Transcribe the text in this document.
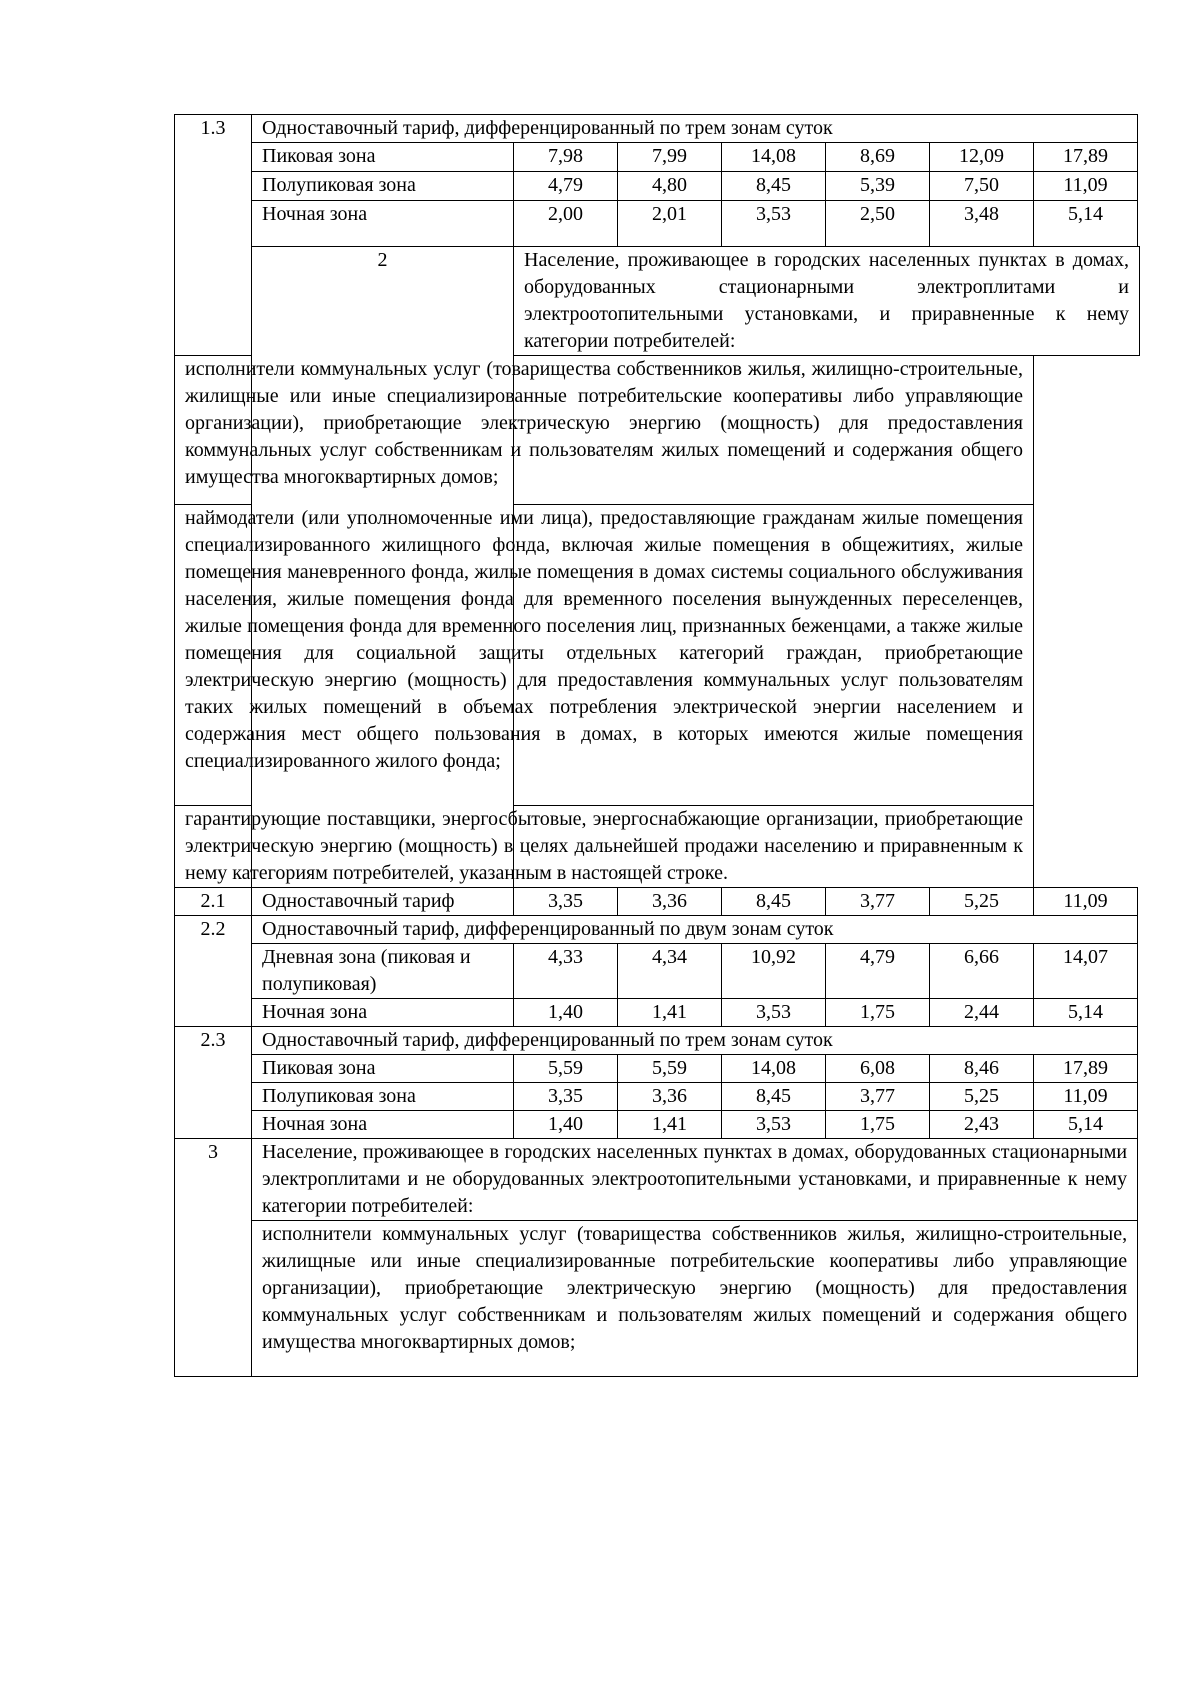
1.3	Одноставочный тариф, дифференцированный по трем зонам суток						
	Пиковая зона	7,98	7,99	14,08	8,69	12,09	17,89
	Полупиковая зона	4,79	4,80	8,45	5,39	7,50	11,09
	Ночная зона	2,00	2,01	3,53	2,50	3,48	5,14
	2	Население, проживающее в городских населенных пунктах в домах, оборудованных стационарными электроплитами и электроотопительными установками, и приравненные к нему категории потребителей:					
исполнители коммунальных услуг (товарищества собственников жилья, жилищно-строительные, жилищные или иные специализированные потребительские кооперативы либо управляющие организации), приобретающие электрическую энергию (мощность) для предоставления коммунальных услуг собственникам и пользователям жилых помещений и содержания общего имущества многоквартирных домов;							
наймодатели (или уполномоченные ими лица), предоставляющие гражданам жилые помещения специализированного жилищного фонда, включая жилые помещения в общежитиях, жилые помещения маневренного фонда, жилые помещения в домах системы социального обслуживания населения, жилые помещения фонда для временного поселения вынужденных переселенцев, жилые помещения фонда для временного поселения лиц, признанных беженцами, а также жилые помещения для социальной защиты отдельных категорий граждан, приобретающие электрическую энергию (мощность) для предоставления коммунальных услуг пользователям таких жилых помещений в объемах потребления электрической энергии населением и содержания мест общего пользования в домах, в которых имеются жилые помещения специализированного жилого фонда;							
гарантирующие поставщики, энергосбытовые, энергоснабжающие организации, приобретающие электрическую энергию (мощность) в целях дальнейшей продажи населению и приравненным к нему категориям потребителей, указанным в настоящей строке.							
2.1	Одноставочный тариф	3,35	3,36	8,45	3,77	5,25	11,09
2.2	Одноставочный тариф, дифференцированный по двум зонам суток						
	Дневная зона (пиковая и полупиковая)	4,33	4,34	10,92	4,79	6,66	14,07
	Ночная зона	1,40	1,41	3,53	1,75	2,44	5,14
2.3	Одноставочный тариф, дифференцированный по трем зонам суток						
	Пиковая зона	5,59	5,59	14,08	6,08	8,46	17,89
	Полупиковая зона	3,35	3,36	8,45	3,77	5,25	11,09
	Ночная зона	1,40	1,41	3,53	1,75	2,43	5,14
3	Население, проживающее в городских населенных пунктах в домах, оборудованных стационарными электроплитами и не оборудованных электроотопительными установками, и приравненные к нему категории потребителей:						
	исполнители коммунальных услуг (товарищества собственников жилья, жилищно-строительные, жилищные или иные специализированные потребительские кооперативы либо управляющие организации), приобретающие электрическую энергию (мощность) для предоставления коммунальных услуг собственникам и пользователям жилых помещений и содержания общего имущества многоквартирных домов;						
